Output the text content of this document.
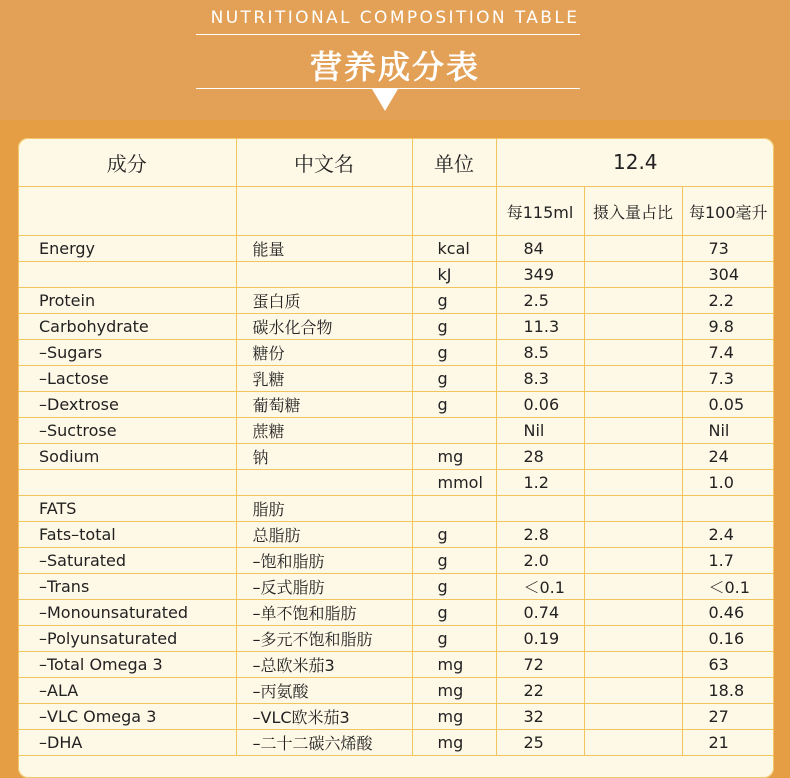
NUTRITIONAL COMPOSITION TABLE
营养成分表
成分	中文名	单位	12.4		
			每115ml	摄入量占比	每100毫升
Energy	能量	kcal	84		73
		kJ	349		304
Protein	蛋白质	g	2.5		2.2
Carbohydrate	碳水化合物	g	11.3		9.8
–Sugars	糖份	g	8.5		7.4
–Lactose	乳糖	g	8.3		7.3
–Dextrose	葡萄糖	g	0.06		0.05
–Suctrose	蔗糖		Nil		Nil
Sodium	钠	mg	28		24
		mmol	1.2		1.0
FATS	脂肪				
Fats–total	总脂肪	g	2.8		2.4
–Saturated	–饱和脂肪	g	2.0		1.7
–Trans	–反式脂肪	g	＜0.1		＜0.1
–Monounsaturated	–单不饱和脂肪	g	0.74		0.46
–Polyunsaturated	–多元不饱和脂肪	g	0.19		0.16
–Total Omega 3	–总欧米茄3	mg	72		63
–ALA	–丙氨酸	mg	22		18.8
–VLC Omega 3	–VLC欧米茄3	mg	32		27
–DHA	–二十二碳六烯酸	mg	25		21
